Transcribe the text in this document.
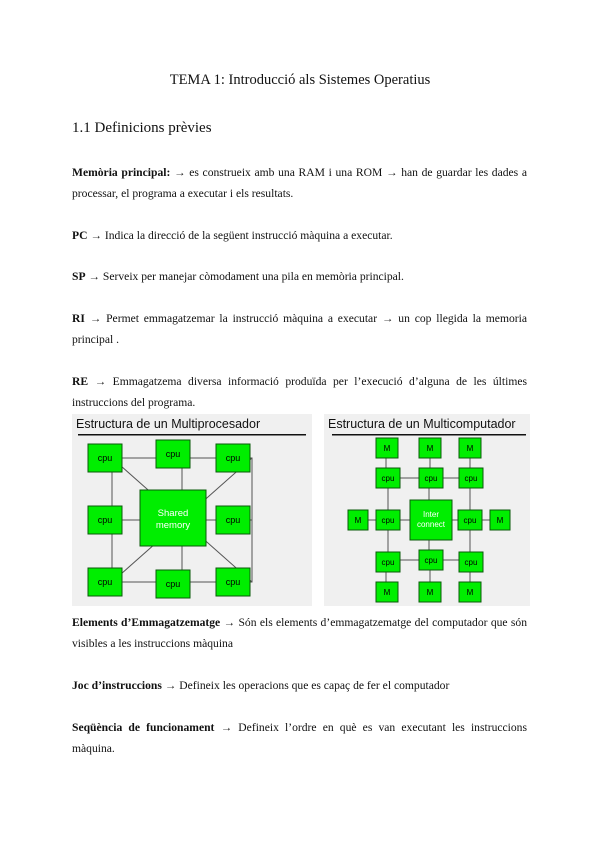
TEMA 1: Introducció als Sistemes Operatius
1.1 Definicions prèvies
Memòria principal: → es construeix amb una RAM i una ROM → han de guardar les dades a processar, el programa a executar i els resultats.
PC → Indica la direcció de la següent instrucció màquina a executar.
SP → Serveix per manejar còmodament una pila en memòria principal.
RI → Permet emmagatzemar la instrucció màquina a executar → un cop llegida la memoria principal .
RE → Emmagatzema diversa informació produïda per l’execució d’alguna de les últimes instruccions del programa.
Estructura de un Multiprocesador
cpu	cpu	cpu
cpu	cpu
cpu	cpu	cpu
Shared
memory
Estructura de un Multicomputador
M	M	M
cpu	cpu	cpu
M	cpu
Inter
connect cpu	M
cpu	cpu	cpu
M	M	M
Elements d’Emmagatzematge → Són els elements d’emmagatzematge del computador que són visibles a les instruccions màquina
Joc d’instruccions → Defineix les operacions que es capaç de fer el computador
Seqüència de funcionament → Defineix l’ordre en què es van executant les instruccions màquina.
